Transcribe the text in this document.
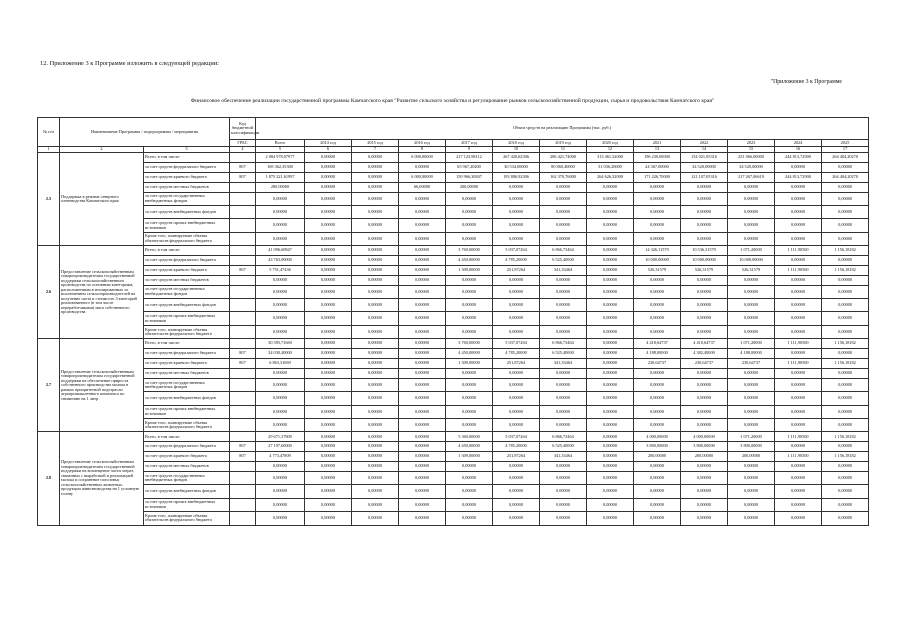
12. Приложение 3 к Программе изложить в следующей редакции:
"Приложение 3 к Программе
Финансовое обеспечение реализации государственной программы Камчатского края "Развитие сельского хозяйства и регулирование рынков сельскохозяйственной продукции, сырья и продовольствия Камчатского края"
№ п/п	Наименование Программы / подпрограммы / мероприятия		Код бюджетной классификации	Объем средств на реализацию Программы (тыс. руб.)												
			ГРБС	Всего	2014 год	2015 год	2016 год	2017 год	2018 год	2019 год	2020 год	2021	2022	2023	2024	2025
1	2	3	4	5	6	7	8	9	10	11	12	13	14	15	16	17
2.5	Поддержка в режиме северного оленеводства Камчатского края	Всего, в том числе:		2 084 978,07977	0,00000	0,00000	6 000,00000	217 123,98112	267 420,62306	286 421,74000	313 461,32000	196 230,00000	154 021,05316	251 966,00000	244 813,72900	264 404,20270
		за счет средств федерального бюджета	807	169 362,35300	0,00000	0,00000	0,00000	65 967,20200	30 534,00000	80 860,40000	51 036,20000	24 367,00000	34 520,00000	34 520,00000	0,00000	0,00000
		за счет средств краевого бюджета	807	1 875 221,61997	0,00000	0,00000	6 000,00000	150 966,30847	193 886,92306	162 370,76000	264 626,32000	171 226,70000	121 107,05316	217 267,06619	244 813,72900	264 404,20270
		за счет средств местных бюджетов		280,00000	0,00000	0,00000	66,00000	200,00000	0,00000	0,00000	0,00000	0,00000	0,00000	0,00000	0,00000	0,00000
		за счет средств государственных внебюджетных фондов		0,00000	0,00000	0,00000	0,00000	0,00000	0,00000	0,00000	0,00000	0,00000	0,00000	0,00000	0,00000	0,00000
		за счет средств внебюджетных фондов		0,00000	0,00000	0,00000	0,00000	0,00000	0,00000	0,00000	0,00000	0,00000	0,00000	0,00000	0,00000	0,00000
		за счет средств прочих внебюджетных источников		0,00000	0,00000	0,00000	0,00000	0,00000	0,00000	0,00000	0,00000	0,00000	0,00000	0,00000	0,00000	0,00000
		Кроме того, планируемые объемы обязательств федерального бюджета		0,00000	0,00000	0,00000	0,00000	0,00000	0,00000	0,00000	0,00000	0,00000	0,00000	0,00000	0,00000	0,00000
2.6	Предоставление сельскохозяйственным товаропроизводителям государственной поддержки сельскохозяйственного производства по основным категориям, расположенным в изолированных за исключением сельхозпроизводителей на получение скота и стоимость 3 категорий реализованного (в том числе переработчиками) мяса собственного производства	Всего, в том числе:		41 096,60847	0,00000	0,00000	0,00000	3 760,00000	5 037,07264	6 866,73464	0,00000	14 326,11579	10 536,31579	1 071,20000	1 111,90500	1 156,18182
		за счет средств федерального бюджета		43 763,00000	0,00000	0,00000	0,00000	4 450,00000	4 785,20000	6 525,40000	0,00000	10 000,00000	10 000,00000	10 000,00000	0,00000	0,00000
		за счет средств краевого бюджета	807	5 751,47436	0,00000	0,00000	0,00000	1 309,00000	251,87264	341,33464	0,00000	526,31579	526,31579	526,31579	1 111,90500	1 156,18182
		за счет средств местных бюджетов		0,00000	0,00000	0,00000	0,00000	0,00000	0,00000	0,00000	0,00000	0,00000	0,00000	0,00000	0,00000	0,00000
		за счет средств государственных внебюджетных фондов		0,00000	0,00000	0,00000	0,00000	0,00000	0,00000	0,00000	0,00000	0,00000	0,00000	0,00000	0,00000	0,00000
		за счет средств внебюджетных фондов		0,00000	0,00000	0,00000	0,00000	0,00000	0,00000	0,00000	0,00000	0,00000	0,00000	0,00000	0,00000	0,00000
		за счет средств прочих внебюджетных источников		0,00000	0,00000	0,00000	0,00000	0,00000	0,00000	0,00000	0,00000	0,00000	0,00000	0,00000	0,00000	0,00000
		Кроме того, планируемые объемы обязательств федерального бюджета		0,00000	0,00000	0,00000	0,00000	0,00000	0,00000	0,00000	0,00000	0,00000	0,00000	0,00000	0,00000	0,00000
2.7	Предоставление сельскохозяйственным товаропроизводителям государственной поддержки на обеспечение прироста собственного производства молока в рамках приоритетной подотрасли агропромышленного комплекса по снижению на 1 литр	Всего, в том числе:		30 395,71669	0,00000	0,00000	0,00000	3 760,00000	5 037,07264	6 866,73464	0,00000	4 418,64737	4 418,64737	1 071,20000	1 111,90500	1 156,18182
		за счет средств федерального бюджета	807	24 030,40000	0,00000	0,00000	0,00000	4 450,00000	4 785,20000	6 525,40000	0,00000	4 188,00000	4 382,40000	4 188,00000	0,00000	0,00000
		за счет средств краевого бюджета	807	6 863,31669	0,00000	0,00000	0,00000	1 309,00000	251,87264	341,33464	0,00000	230,64737	230,64737	230,64737	1 111,90500	1 156,18182
		за счет средств местных бюджетов		0,00000	0,00000	0,00000	0,00000	0,00000	0,00000	0,00000	0,00000	0,00000	0,00000	0,00000	0,00000	0,00000
		за счет средств государственных внебюджетных фондов		0,00000	0,00000	0,00000	0,00000	0,00000	0,00000	0,00000	0,00000	0,00000	0,00000	0,00000	0,00000	0,00000
		за счет средств внебюджетных фондов		0,00000	0,00000	0,00000	0,00000	0,00000	0,00000	0,00000	0,00000	0,00000	0,00000	0,00000	0,00000	0,00000
		за счет средств прочих внебюджетных источников		0,00000	0,00000	0,00000	0,00000	0,00000	0,00000	0,00000	0,00000	0,00000	0,00000	0,00000	0,00000	0,00000
		Кроме того, планируемые объемы обязательств федерального бюджета		0,00000	0,00000	0,00000	0,00000	0,00000	0,00000	0,00000	0,00000	0,00000	0,00000	0,00000	0,00000	0,00000
2.8	Предоставление сельскохозяйственным товаропроизводителям государственной поддержки на возмещение части затрат, связанных с выработкой и реализацией молока и сохранение поголовья сельскохозяйственных животных, продукции животноводства на 1 условную голову	Всего, в том числе:		29 671,37809	0,00000	0,00000	0,00000	5 360,00000	5 037,07264	6 866,73464	0,00000	4 000,00000	4 000,00000	1 071,20000	1 111,90500	1 156,18182
		за счет средств федерального бюджета	807	27 197,60000	0,00000	0,00000	0,00000	4 450,00000	4 785,20000	6 525,40000	0,00000	3 800,00000	3 800,00000	3 800,00000	0,00000	0,00000
		за счет средств краевого бюджета	807	4 773,47809	0,00000	0,00000	0,00000	1 309,00000	251,87264	341,33464	0,00000	200,00000	200,00000	200,00000	1 111,90500	1 156,18182
		за счет средств местных бюджетов		0,00000	0,00000	0,00000	0,00000	0,00000	0,00000	0,00000	0,00000	0,00000	0,00000	0,00000	0,00000	0,00000
		за счет средств государственных внебюджетных фондов		0,00000	0,00000	0,00000	0,00000	0,00000	0,00000	0,00000	0,00000	0,00000	0,00000	0,00000	0,00000	0,00000
		за счет средств внебюджетных фондов		0,00000	0,00000	0,00000	0,00000	0,00000	0,00000	0,00000	0,00000	0,00000	0,00000	0,00000	0,00000	0,00000
		за счет средств прочих внебюджетных источников		0,00000	0,00000	0,00000	0,00000	0,00000	0,00000	0,00000	0,00000	0,00000	0,00000	0,00000	0,00000	0,00000
		Кроме того, планируемые объемы обязательств федерального бюджета		0,00000	0,00000	0,00000	0,00000	0,00000	0,00000	0,00000	0,00000	0,00000	0,00000	0,00000	0,00000	0,00000
